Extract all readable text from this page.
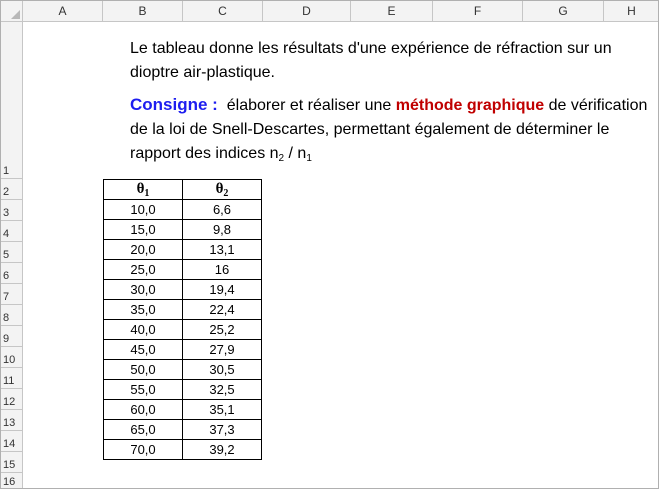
A	B	C	D	E	F	G	H
1
2
3
4
5
6
7
8
9
10
11
12
13
14
15
16

Le tableau donne les résultats d'une expérience de réfraction sur un dioptre air-plastique.

Consigne : élaborer et réaliser une méthode graphique de vérification de la loi de Snell-Descartes, permettant également de déterminer le rapport des indices $n_2 / n_1$

$\theta_1$	$\theta_2$
10,0	6,6
15,0	9,8
20,0	13,1
25,0	16
30,0	19,4
35,0	22,4
40,0	25,2
45,0	27,9
50,0	30,5
55,0	32,5
60,0	35,1
65,0	37,3
70,0	39,2
